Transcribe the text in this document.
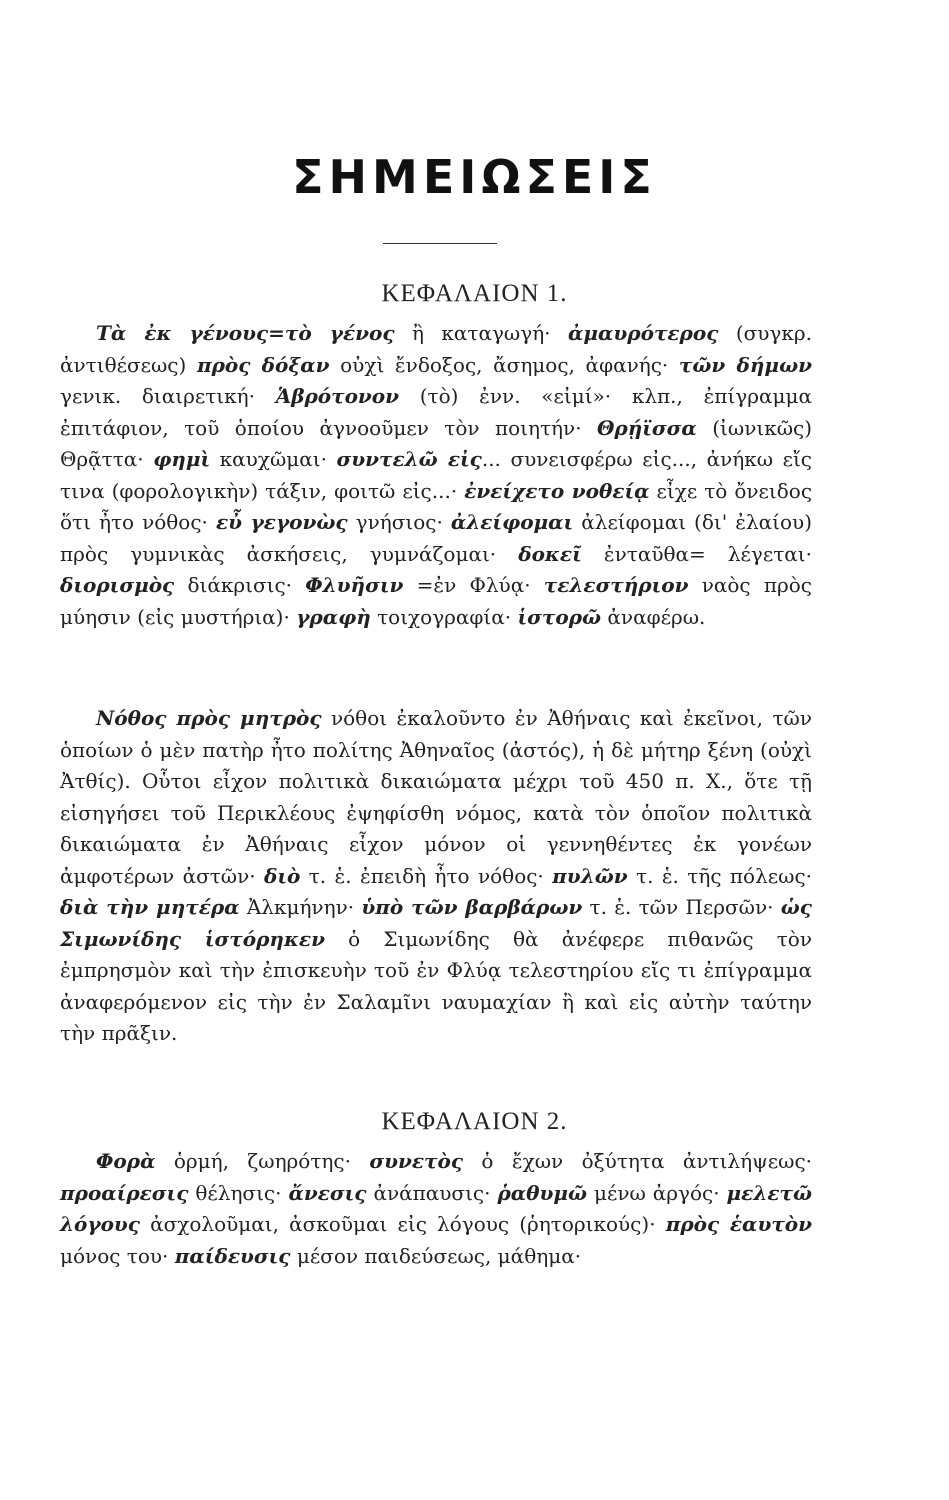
ΣΗΜΕΙΩΣΕΙΣ
ΚΕΦΑΛΑΙΟΝ 1.

Τὰ ἐκ γένους=τὸ γένος ἢ καταγωγή· ἀμαυρότερος (συγκρ. ἀντιθέσεως) πρὸς δόξαν οὐχὶ ἔνδοξος, ἄσημος, ἀφανής· τῶν δήμων γενικ. διαιρετική· Ἁβρότονον (τὸ) ἐνν. «εἰμί»· κλπ., ἐπίγραμμα ἐπιτάφιον, τοῦ ὁποίου ἀγνοοῦμεν τὸν ποιητήν· Θρῄϊσσα (ἰωνικῶς) Θρᾷττα· φημὶ καυχῶμαι· συντελῶ εἰς... συνεισφέρω εἰς..., ἀνήκω εἴς τινα (φορολογικὴν) τάξιν, φοιτῶ εἰς...· ἐνείχετο νοθείᾳ εἶχε τὸ ὄνειδος ὅτι ἦτο νόθος· εὖ γεγονὼς γνήσιος· ἀλείφομαι ἀλείφομαι (δι' ἐλαίου) πρὸς γυμνικὰς ἀσκήσεις, γυμνάζομαι· δοκεῖ ἐνταῦθα= λέγεται· διορισμὸς διάκρισις· Φλυῆσιν =ἐν Φλύᾳ· τελεστήριον ναὸς πρὸς μύησιν (εἰς μυστήρια)· γραφὴ τοιχογραφία· ἱστορῶ ἀναφέρω.

Νόθος πρὸς μητρὸς νόθοι ἐκαλοῦντο ἐν Ἀθήναις καὶ ἐκεῖνοι, τῶν ὁποίων ὁ μὲν πατὴρ ἦτο πολίτης Ἀθηναῖος (ἀστός), ἡ δὲ μήτηρ ξένη (οὐχὶ Ἀτθίς). Οὗτοι εἶχον πολιτικὰ δικαιώματα μέχρι τοῦ 450 π. Χ., ὅτε τῇ εἰσηγήσει τοῦ Περικλέους ἐψηφίσθη νόμος, κατὰ τὸν ὁποῖον πολιτικὰ δικαιώματα ἐν Ἀθήναις εἶχον μόνον οἱ γεννηθέντες ἐκ γονέων ἀμφοτέρων ἀστῶν· διὸ τ. ἑ. ἐπειδὴ ἦτο νόθος· πυλῶν τ. ἑ. τῆς πόλεως· διὰ τὴν μητέρα Ἀλκμήνην· ὑπὸ τῶν βαρβάρων τ. ἑ. τῶν Περσῶν· ὡς Σιμωνίδης ἱστόρηκεν ὁ Σιμωνίδης θὰ ἀνέφερε πιθανῶς τὸν ἐμπρησμὸν καὶ τὴν ἐπισκευὴν τοῦ ἐν Φλύᾳ τελεστηρίου εἴς τι ἐπίγραμμα ἀναφερόμενον εἰς τὴν ἐν Σαλαμῖνι ναυμαχίαν ἢ καὶ εἰς αὐτὴν ταύτην τὴν πρᾶξιν.

ΚΕΦΑΛΑΙΟΝ 2.

Φορὰ ὁρμή, ζωηρότης· συνετὸς ὁ ἔχων ὀξύτητα ἀντιλήψεως· προαίρεσις θέλησις· ἄνεσις ἀνάπαυσις· ῥαθυμῶ μένω ἀργός· μελετῶ λόγους ἀσχολοῦμαι, ἀσκοῦμαι εἰς λόγους (ῥητορικούς)· πρὸς ἑαυτὸν μόνος του· παίδευσις μέσον παιδεύσεως, μάθημα·
